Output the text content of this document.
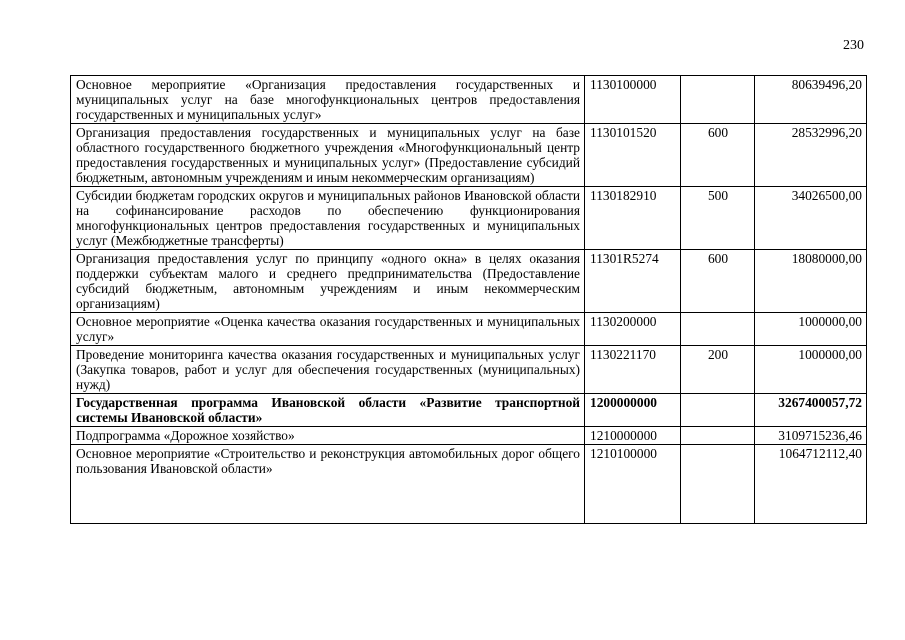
230
Основное мероприятие «Организация предоставления государственных и муниципальных услуг на базе многофункциональных центров предоставления государственных и муниципальных услуг»	1130100000		80639496,20
Организация предоставления государственных и муниципальных услуг на базе областного государственного бюджетного учреждения «Многофункциональный центр предоставления государственных и муниципальных услуг» (Предоставление субсидий бюджетным, автономным учреждениям и иным некоммерческим организациям)	1130101520	600	28532996,20
Субсидии бюджетам городских округов и муниципальных районов Ивановской области на софинансирование расходов по обеспечению функционирования многофункциональных центров предоставления государственных и муниципальных услуг (Межбюджетные трансферты)	1130182910	500	34026500,00
Организация предоставления услуг по принципу «одного окна» в целях оказания поддержки субъектам малого и среднего предпринимательства (Предоставление субсидий бюджетным, автономным учреждениям и иным некоммерческим организациям)	11301R5274	600	18080000,00
Основное мероприятие «Оценка качества оказания государственных и муниципальных услуг»	1130200000		1000000,00
Проведение мониторинга качества оказания государственных и муниципальных услуг (Закупка товаров, работ и услуг для обеспечения государственных (муниципальных) нужд)	1130221170	200	1000000,00
Государственная программа Ивановской области «Развитие транспортной системы Ивановской области»	1200000000		3267400057,72
Подпрограмма «Дорожное хозяйство»	1210000000		3109715236,46
Основное мероприятие «Строительство и реконструкция автомобильных дорог общего пользования Ивановской области»	1210100000		1064712112,40
